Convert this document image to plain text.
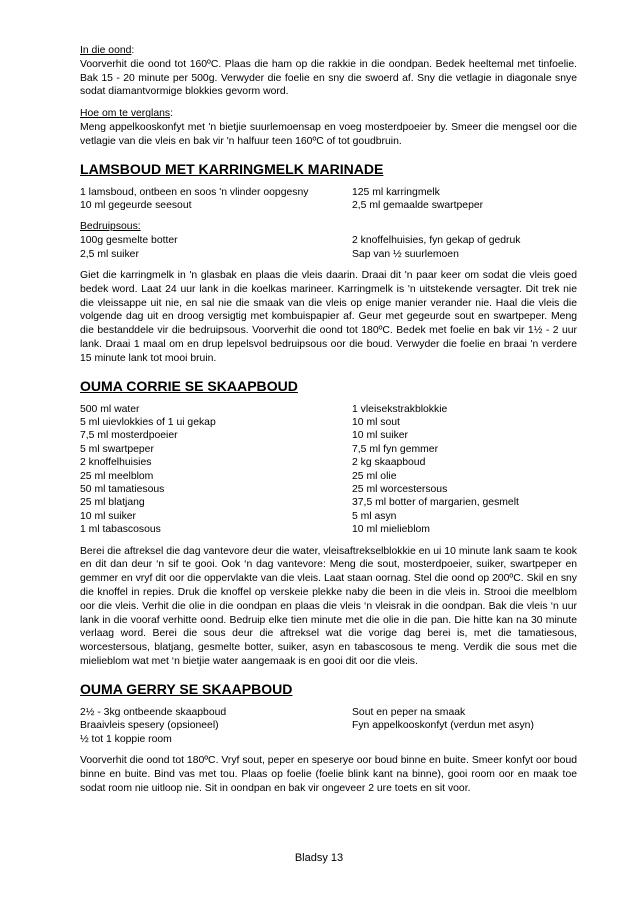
In die oond:

Voorverhit die oond tot 160ºC. Plaas die ham op die rakkie in die oondpan. Bedek heeltemal met tinfoelie. Bak 15 - 20 minute per 500g. Verwyder die foelie en sny die swoerd af. Sny die vetlagie in diagonale snye sodat diamantvormige blokkies gevorm word.

Hoe om te verglans:

Meng appelkooskonfyt met 'n bietjie suurlemoensap en voeg mosterdpoeier by. Smeer die mengsel oor die vetlagie van die vleis en bak vir 'n halfuur teen 160ºC of tot goudbruin.

LAMSBOUD MET KARRINGMELK MARINADE
1 lamsboud, ontbeen en soos 'n vlinder oopgesny	125 ml karringmelk
10 ml gegeurde seesout	2,5 ml gemaalde swartpeper

Bedruipsous:

100g gesmelte botter	2 knoffelhuisies, fyn gekap of gedruk
2,5 ml suiker	Sap van ½ suurlemoen

Giet die karringmelk in 'n glasbak en plaas die vleis daarin. Draai dit 'n paar keer om sodat die vleis goed bedek word. Laat 24 uur lank in die koelkas marineer. Karringmelk is 'n uitstekende versagter. Dit trek nie die vleissappe uit nie, en sal nie die smaak van die vleis op enige manier verander nie. Haal die vleis die volgende dag uit en droog versigtig met kombuispapier af. Geur met gegeurde sout en swartpeper. Meng die bestanddele vir die bedruipsous. Voorverhit die oond tot 180ºC. Bedek met foelie en bak vir 1½ - 2 uur lank. Draai 1 maal om en drup lepelsvol bedruipsous oor die boud. Verwyder die foelie en braai 'n verdere 15 minute lank tot mooi bruin.

OUMA CORRIE SE SKAAPBOUD
500 ml water	1 vleisekstrakblokkie
5 ml uievlokkies of 1 ui gekap	10 ml sout
7,5 ml mosterdpoeier	10 ml suiker
5 ml swartpeper	7,5 ml fyn gemmer
2 knoffelhuisies	2 kg skaapboud
25 ml meelblom	25 ml olie
50 ml tamatiesous	25 ml worcestersous
25 ml blatjang	37,5 ml botter of margarien, gesmelt
10 ml suiker	5 ml asyn
1 ml tabascosous	10 ml mielieblom

Berei die aftreksel die dag vantevore deur die water, vleisaftrekselblokkie en ui 10 minute lank saam te kook en dit dan deur ‘n sif te gooi. Ook ‘n dag vantevore: Meng die sout, mosterdpoeier, suiker, swartpeper en gemmer en vryf dit oor die oppervlakte van die vleis. Laat staan oornag. Stel die oond op 200ºC. Skil en sny die knoffel in repies. Druk die knoffel op verskeie plekke naby die been in die vleis in. Strooi die meelblom oor die vleis. Verhit die olie in die oondpan en plaas die vleis ‘n vleisrak in die oondpan. Bak die vleis ‘n uur lank in die vooraf verhitte oond. Bedruip elke tien minute met die olie in die pan. Die hitte kan na 30 minute verlaag word. Berei die sous deur die aftreksel wat die vorige dag berei is, met die tamatiesous, worcestersous, blatjang, gesmelte botter, suiker, asyn en tabascosous te meng. Verdik die sous met die mielieblom wat met ‘n bietjie water aangemaak is en gooi dit oor die vleis.

OUMA GERRY SE SKAAPBOUD
2½ - 3kg ontbeende skaapboud	Sout en peper na smaak
Braaivleis spesery (opsioneel)	Fyn appelkooskonfyt (verdun met asyn)
½ tot 1 koppie room

Voorverhit die oond tot 180ºC. Vryf sout, peper en speserye oor boud binne en buite. Smeer konfyt oor boud binne en buite. Bind vas met tou. Plaas op foelie (foelie blink kant na binne), gooi room oor en maak toe sodat room nie uitloop nie. Sit in oondpan en bak vir ongeveer 2 ure toets en sit voor.

Bladsy 13
